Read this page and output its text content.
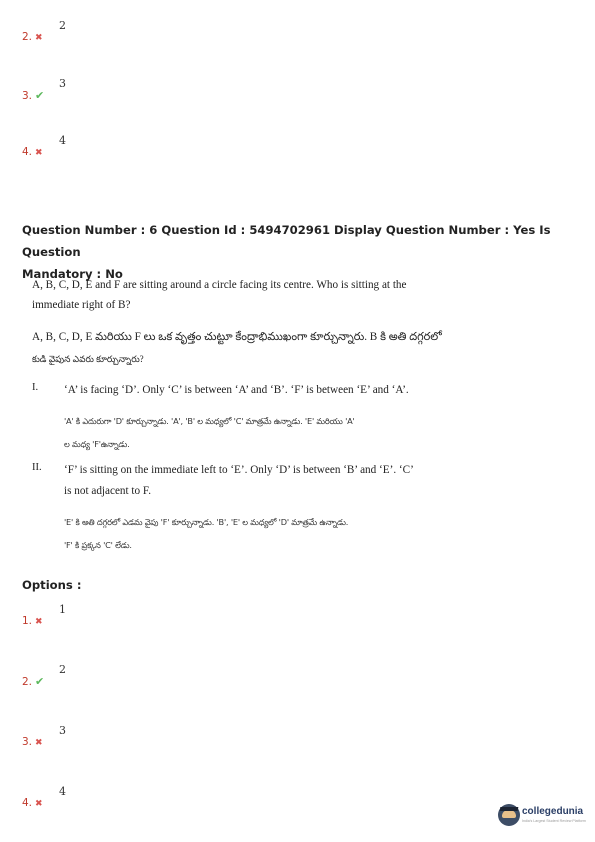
2. ✖
2
3. ✔
3
4. ✖
4
Question Number : 6 Question Id : 5494702961 Display Question Number : Yes Is Question
Mandatory : No
A, B, C, D, E and F are sitting around a circle facing its centre. Who is sitting at the
immediate right of B?
A, B, C, D, E మరియు F లు ఒక వృత్తం చుట్టూ కేంద్రాభిముఖంగా కూర్చున్నారు. B కి అతి దగ్గరలో
కుడి వైపున ఎవరు కూర్చున్నారు?
I. ‘A’ is facing ‘D’. Only ‘C’ is between ‘A’ and ‘B’. ‘F’ is between ‘E’ and ‘A’.
'A' కి ఎదురుగా 'D' కూర్చున్నాడు. 'A', 'B' ల మధ్యలో 'C' మాత్రమే ఉన్నాడు. 'E' మరియు 'A'
ల మధ్య 'F'ఉన్నాడు.
II. ‘F’ is sitting on the immediate left to ‘E’. Only ‘D’ is between ‘B’ and ‘E’. ‘C’
is not adjacent to F.
'E' కి అతి దగ్గరలో ఎడమ వైపు 'F' కూర్చున్నాడు. 'B', 'E' ల మధ్యలో 'D' మాత్రమే ఉన్నాడు.
'F' కి ప్రక్కన 'C' లేడు.
Options :
1. ✖
1
2. ✔
2
3. ✖
3
4. ✖
4
collegedunia
India's Largest Student Review Platform
